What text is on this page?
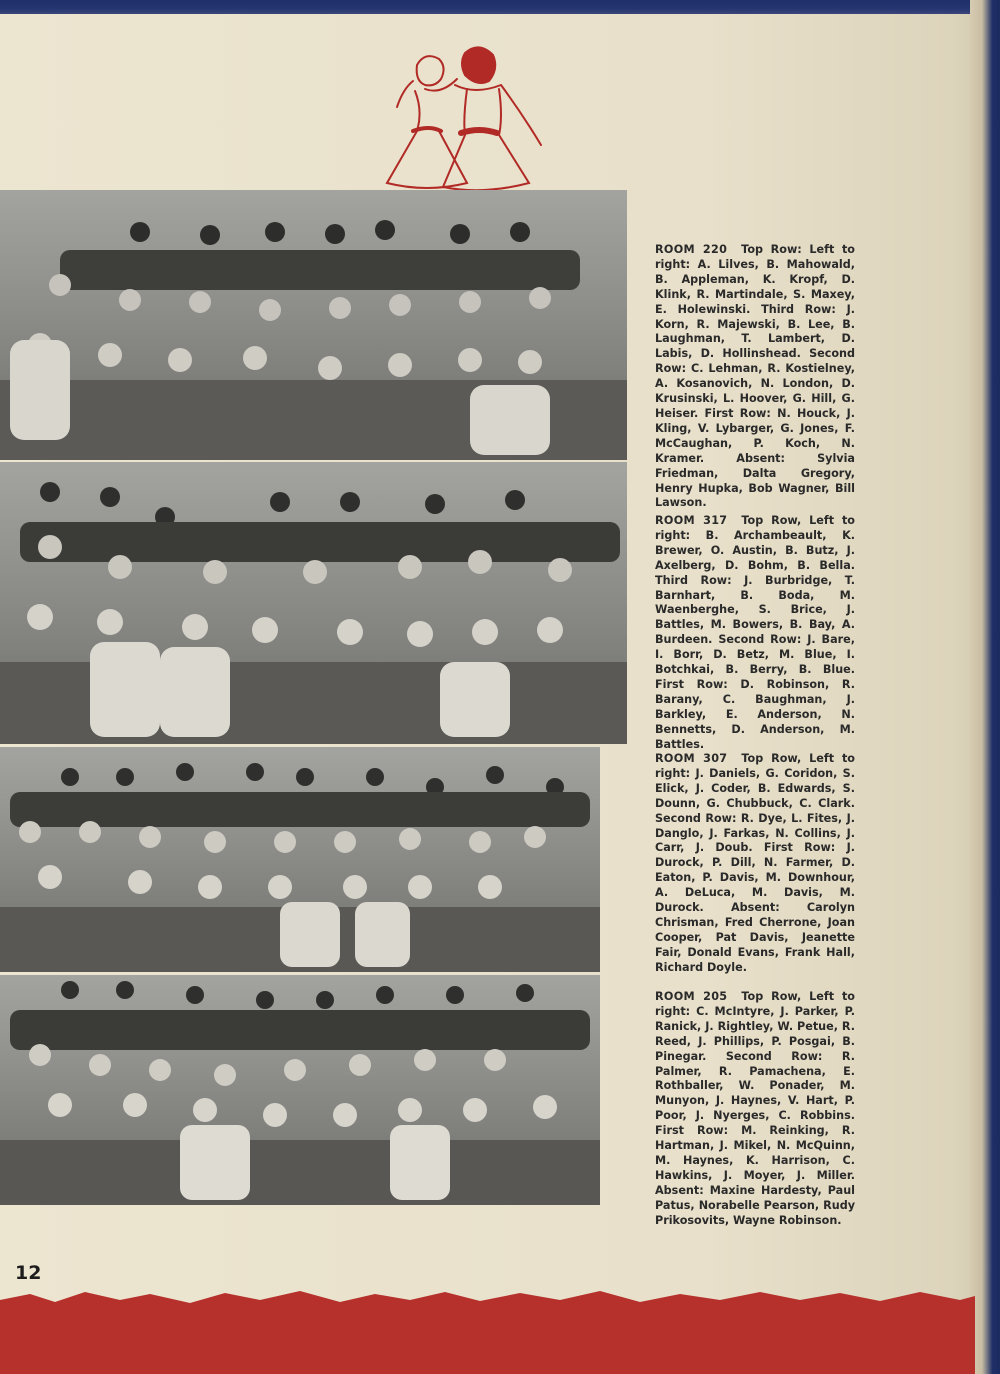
ROOM 220 Top Row: Left to right: A. Lilves, B. Mahowald, B. Appleman, K. Kropf, D. Klink, R. Martindale, S. Maxey, E. Holewinski. Third Row: J. Korn, R. Majewski, B. Lee, B. Laughman, T. Lambert, D. Labis, D. Hollinshead. Second Row: C. Lehman, R. Kostielney, A. Kosanovich, N. London, D. Krusinski, L. Hoover, G. Hill, G. Heiser. First Row: N. Houck, J. Kling, V. Lybarger, G. Jones, F. McCaughan, P. Koch, N. Kramer. Absent: Sylvia Friedman, Dalta Gregory, Henry Hupka, Bob Wagner, Bill Lawson.
ROOM 317 Top Row, Left to right: B. Archambeault, K. Brewer, O. Austin, B. Butz, J. Axelberg, D. Bohm, B. Bella. Third Row: J. Burbridge, T. Barnhart, B. Boda, M. Waenberghe, S. Brice, J. Battles, M. Bowers, B. Bay, A. Burdeen. Second Row: J. Bare, I. Borr, D. Betz, M. Blue, I. Botchkai, B. Berry, B. Blue. First Row: D. Robinson, R. Barany, C. Baughman, J. Barkley, E. Anderson, N. Bennetts, D. Anderson, M. Battles.
ROOM 307 Top Row, Left to right: J. Daniels, G. Coridon, S. Elick, J. Coder, B. Edwards, S. Dounn, G. Chubbuck, C. Clark. Second Row: R. Dye, L. Fites, J. Danglo, J. Farkas, N. Collins, J. Carr, J. Doub. First Row: J. Durock, P. Dill, N. Farmer, D. Eaton, P. Davis, M. Downhour, A. DeLuca, M. Davis, M. Durock. Absent: Carolyn Chrisman, Fred Cherrone, Joan Cooper, Pat Davis, Jeanette Fair, Donald Evans, Frank Hall, Richard Doyle.
ROOM 205 Top Row, Left to right: C. McIntyre, J. Parker, P. Ranick, J. Rightley, W. Petue, R. Reed, J. Phillips, P. Posgai, B. Pinegar. Second Row: R. Palmer, R. Pamachena, E. Rothballer, W. Ponader, M. Munyon, J. Haynes, V. Hart, P. Poor, J. Nyerges, C. Robbins. First Row: M. Reinking, R. Hartman, J. Mikel, N. McQuinn, M. Haynes, K. Harrison, C. Hawkins, J. Moyer, J. Miller. Absent: Maxine Hardesty, Paul Patus, Norabelle Pearson, Rudy Prikosovits, Wayne Robinson.
12
